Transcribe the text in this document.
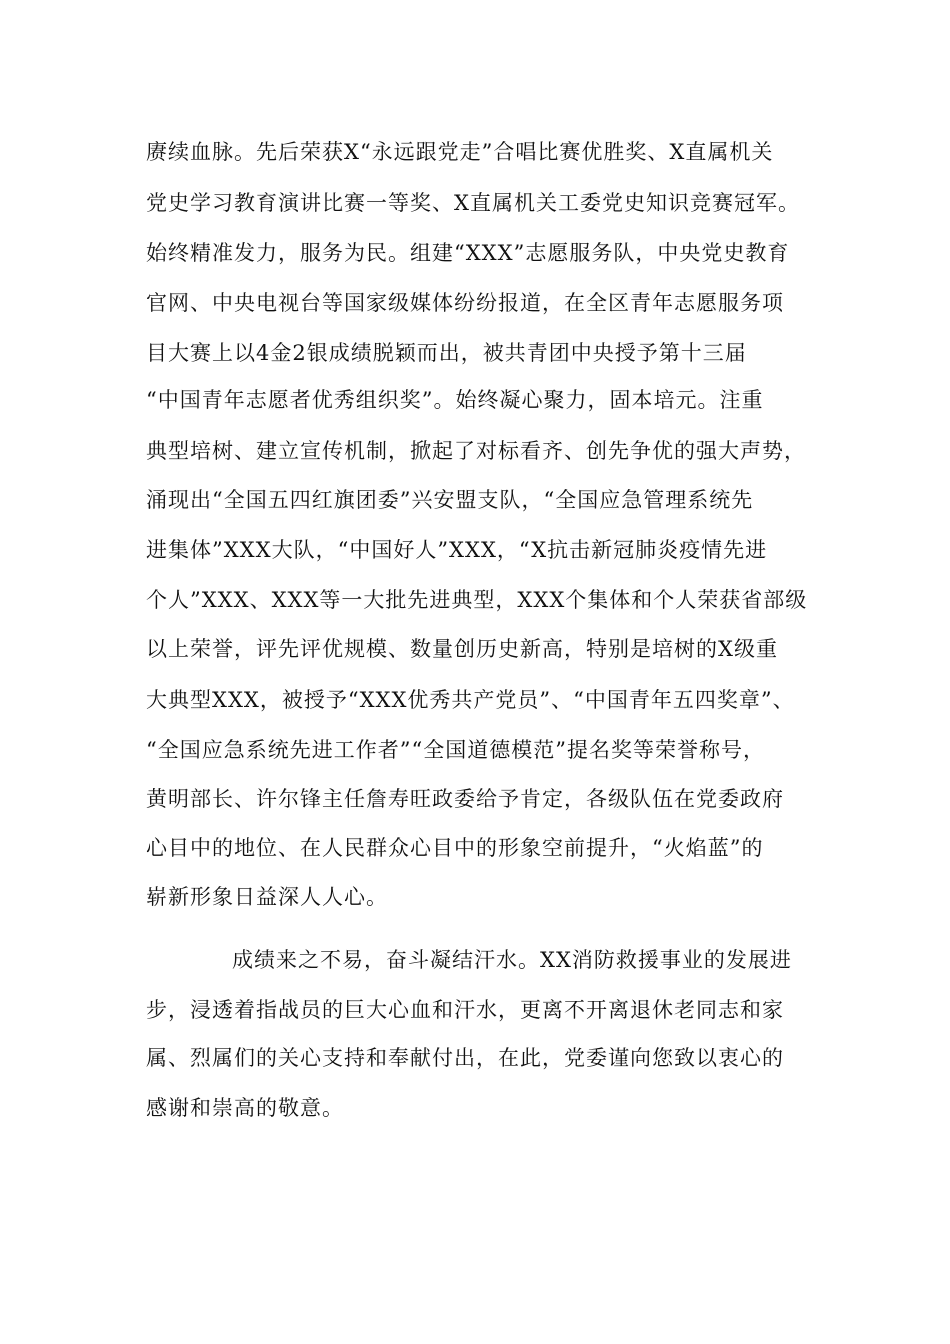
赓续血脉。先后荣获X“永远跟党走”合唱比赛优胜奖、X直属机关
党史学习教育演讲比赛一等奖、X直属机关工委党史知识竞赛冠军。
始终精准发力，服务为民。组建“XXX”志愿服务队，中央党史教育
官网、中央电视台等国家级媒体纷纷报道，在全区青年志愿服务项
目大赛上以4金2银成绩脱颖而出，被共青团中央授予第十三届
“中国青年志愿者优秀组织奖”。始终凝心聚力，固本培元。注重
典型培树、建立宣传机制，掀起了对标看齐、创先争优的强大声势，
涌现出“全国五四红旗团委”兴安盟支队，“全国应急管理系统先
进集体”XXX大队，“中国好人”XXX，“X抗击新冠肺炎疫情先进
个人”XXX、XXX等一大批先进典型，XXX个集体和个人荣获省部级
以上荣誉，评先评优规模、数量创历史新高，特别是培树的X级重
大典型XXX，被授予“XXX优秀共产党员”、“中国青年五四奖章”、
“全国应急系统先进工作者”“全国道德模范”提名奖等荣誉称号，
黄明部长、许尔锋主任詹寿旺政委给予肯定，各级队伍在党委政府
心目中的地位、在人民群众心目中的形象空前提升，“火焰蓝”的
崭新形象日益深人人心。
成绩来之不易，奋斗凝结汗水。XX消防救援事业的发展进
步，浸透着指战员的巨大心血和汗水，更离不开离退休老同志和家
属、烈属们的关心支持和奉献付出，在此，党委谨向您致以衷心的
感谢和崇高的敬意。
